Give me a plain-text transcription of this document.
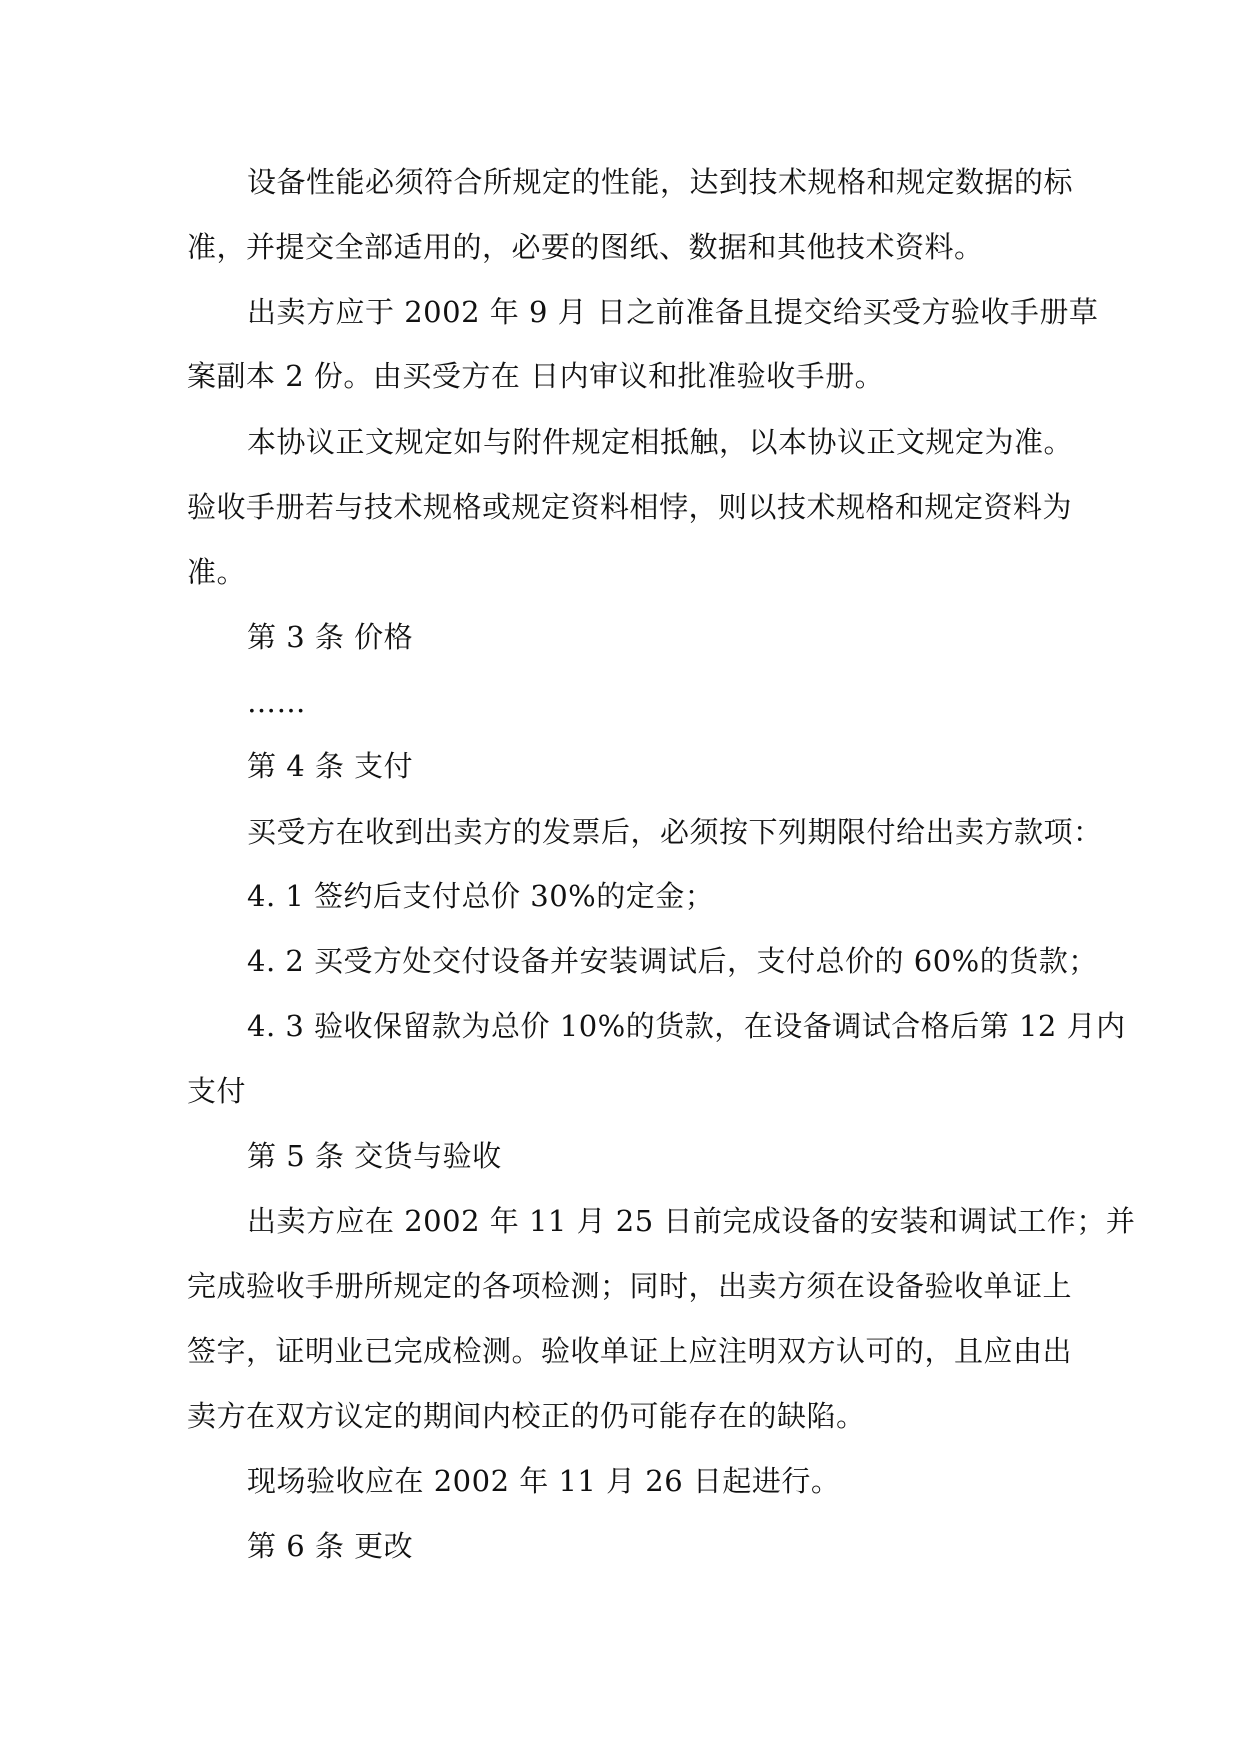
设备性能必须符合所规定的性能，达到技术规格和规定数据的标
准，并提交全部适用的，必要的图纸、数据和其他技术资料。
出卖方应于 2002 年 9 月 日之前准备且提交给买受方验收手册草
案副本 2 份。由买受方在 日内审议和批准验收手册。
本协议正文规定如与附件规定相抵触，以本协议正文规定为准。
验收手册若与技术规格或规定资料相悖，则以技术规格和规定资料为
准。
第 3 条 价格
……
第 4 条 支付
买受方在收到出卖方的发票后，必须按下列期限付给出卖方款项：
4. 1 签约后支付总价 30%的定金；
4. 2 买受方处交付设备并安装调试后，支付总价的 60%的货款；
4. 3 验收保留款为总价 10%的货款，在设备调试合格后第 12 月内
支付
第 5 条 交货与验收
出卖方应在 2002 年 11 月 25 日前完成设备的安装和调试工作；并
完成验收手册所规定的各项检测；同时，出卖方须在设备验收单证上
签字，证明业已完成检测。验收单证上应注明双方认可的，且应由出
卖方在双方议定的期间内校正的仍可能存在的缺陷。
现场验收应在 2002 年 11 月 26 日起进行。
第 6 条 更改
